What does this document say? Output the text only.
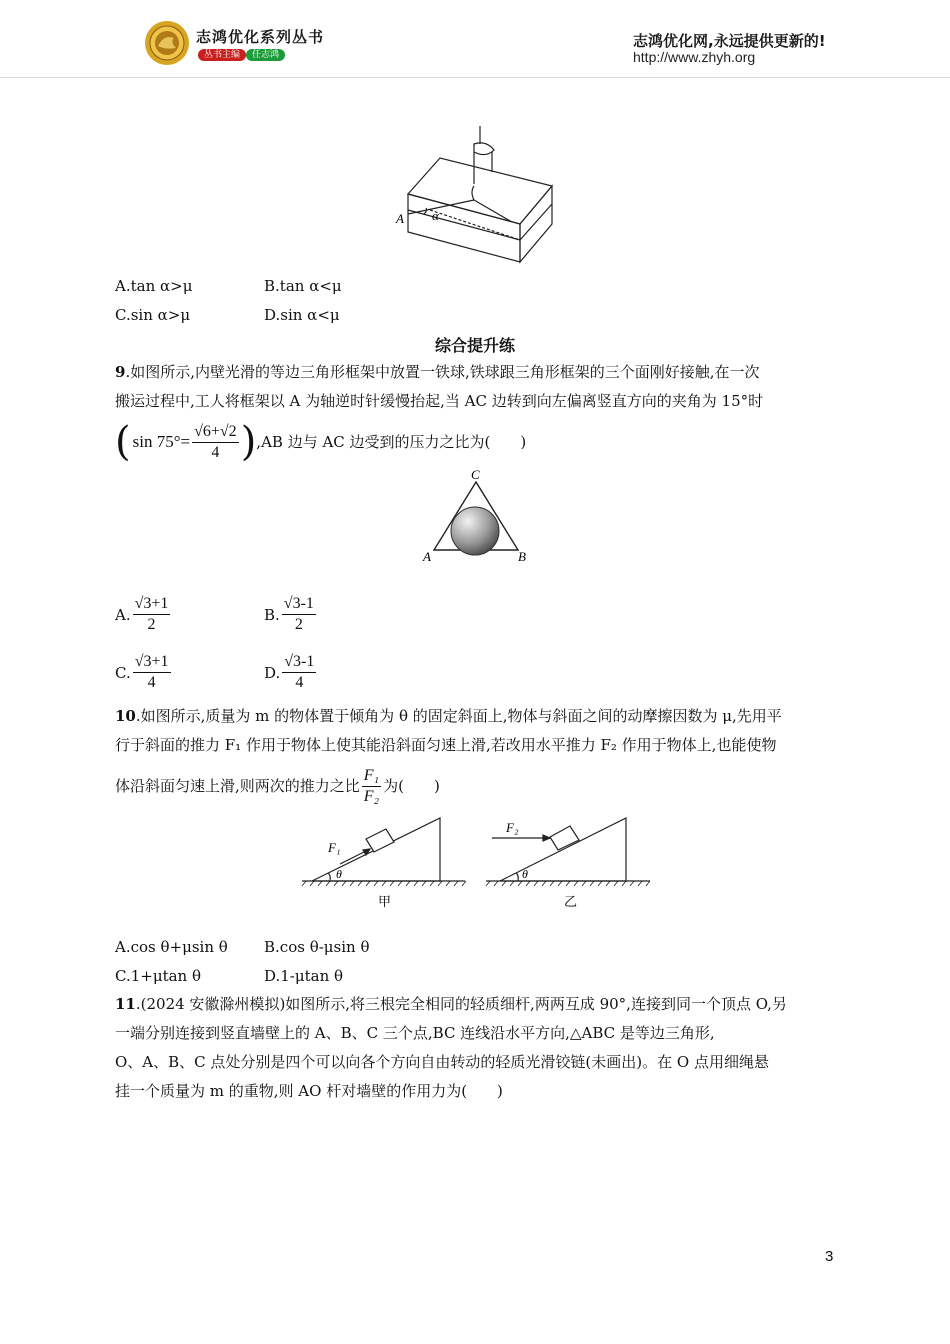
志鸿优化系列丛书
丛书主编 任志鸿
志鸿优化网,永远提供更新的!
http://www.zhyh.org
A α
A.tan α>μ	B.tan α<μ
C.sin α>μ	D.sin α<μ
综合提升练
9.如图所示,内壁光滑的等边三角形框架中放置一铁球,铁球跟三角形框架的三个面刚好接触,在一次
搬运过程中,工人将框架以 A 为轴逆时针缓慢抬起,当 AC 边转到向左偏离竖直方向的夹角为 15°时
( $\sin 75^\circ= \frac{√6+√2}{4}$ ) ,AB 边与 AC 边受到的压力之比为(　　)
C
A	B
A. $\frac{√3+1}{2}$	B. $\frac{√3-1}{2}$
C. $\frac{√3+1}{4}$	D. $\frac{√3-1}{4}$
10.如图所示,质量为 m 的物体置于倾角为 θ 的固定斜面上,物体与斜面之间的动摩擦因数为 μ,先用平
行于斜面的推力 F₁ 作用于物体上使其能沿斜面匀速上滑,若改用水平推力 F₂ 作用于物体上,也能使物
体沿斜面匀速上滑,则两次的推力之比 $\frac{\text{F₁}}{\text{F₂}}$ 为(　　)
F₁
θ
甲
F₂
θ
乙
A.cos θ+μsin θ B.cos θ-μsin θ
C.1+μtan θ	D.1-μtan θ
11.(2024 安徽滁州模拟)如图所示,将三根完全相同的轻质细杆,两两互成 90°,连接到同一个顶点 O,另
一端分别连接到竖直墙壁上的 A、B、C 三个点,BC 连线沿水平方向,△ABC 是等边三角形,
O、A、B、C 点处分别是四个可以向各个方向自由转动的轻质光滑铰链(未画出)。在 O 点用细绳悬
挂一个质量为 m 的重物,则 AO 杆对墙壁的作用力为(　　)
3
